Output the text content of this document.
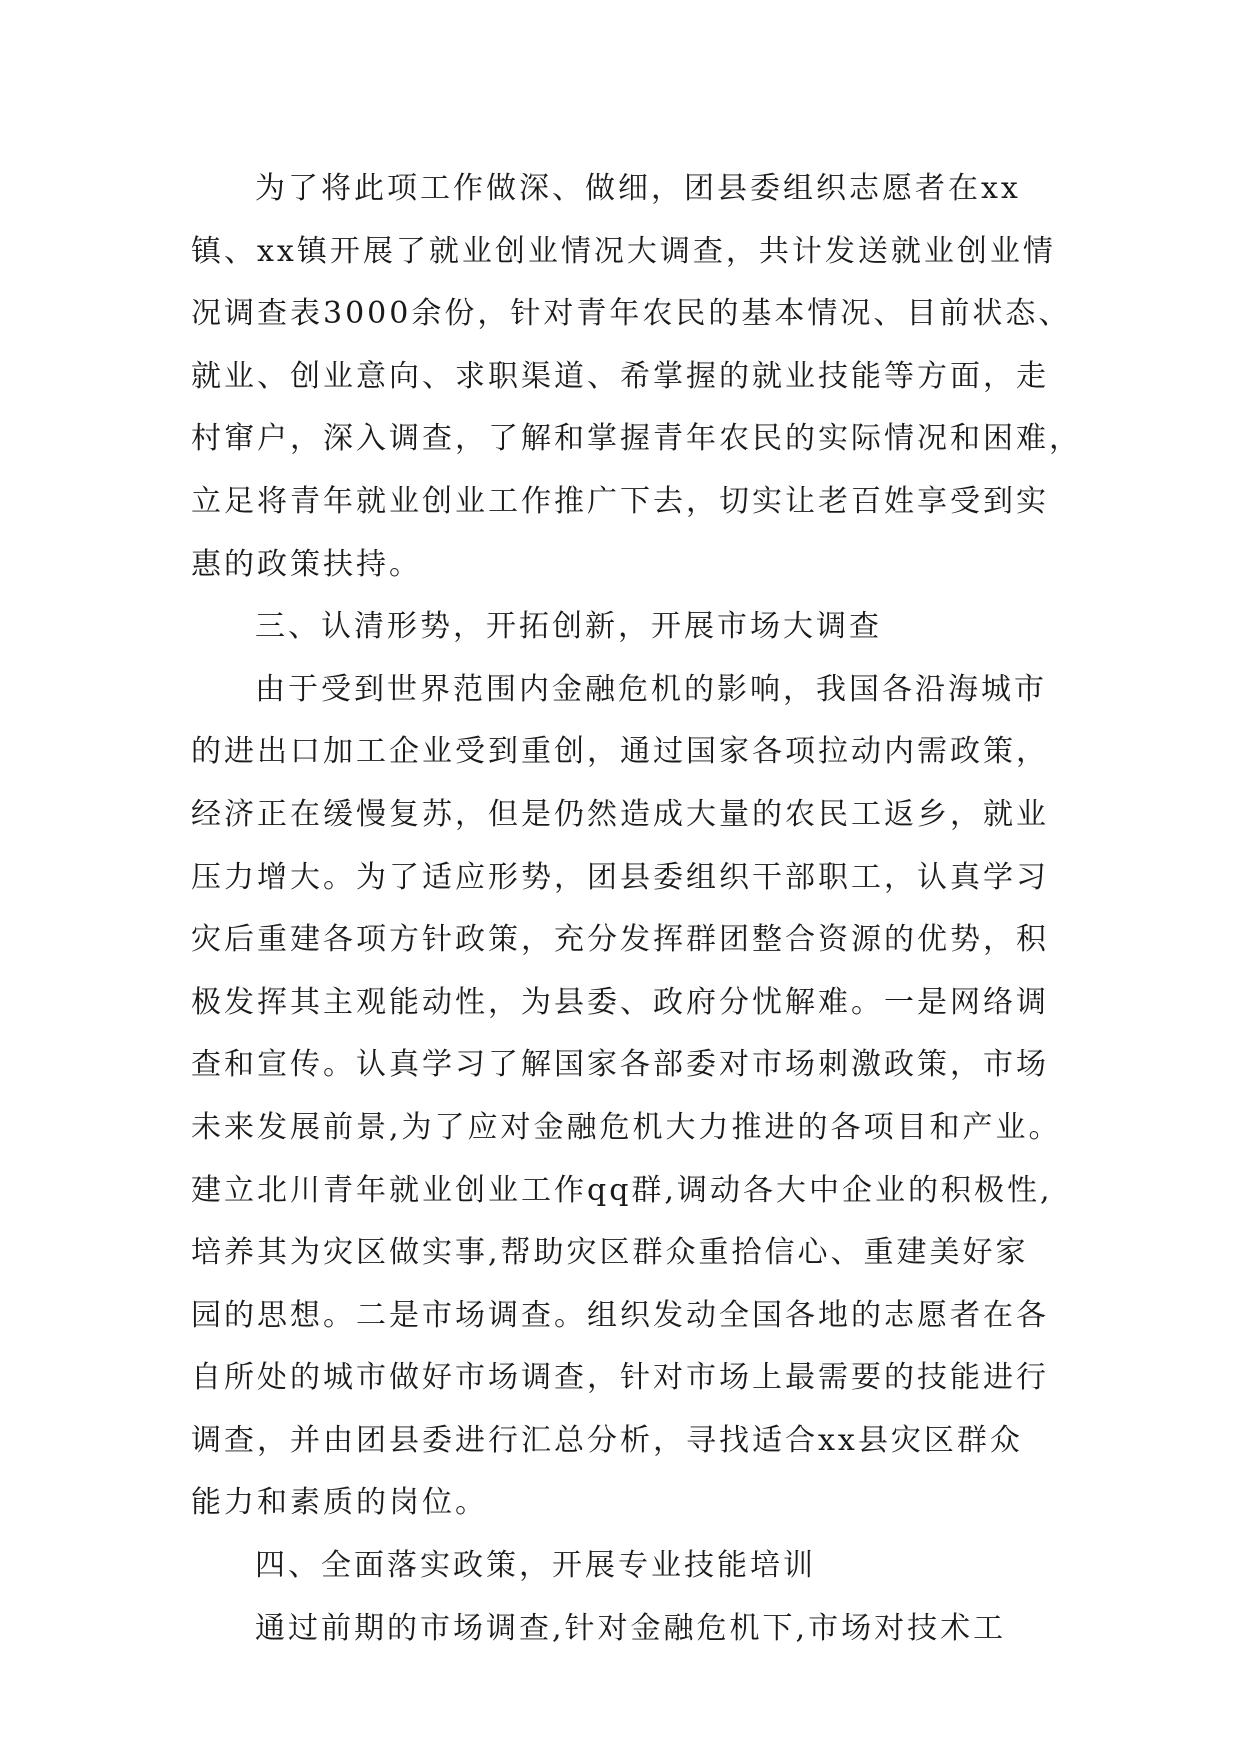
为了将此项工作做深、做细，团县委组织志愿者在xx
镇、xx镇开展了就业创业情况大调查，共计发送就业创业情
况调查表3000余份，针对青年农民的基本情况、目前状态、
就业、创业意向、求职渠道、希掌握的就业技能等方面，走
村窜户，深入调查，了解和掌握青年农民的实际情况和困难，
立足将青年就业创业工作推广下去，切实让老百姓享受到实
惠的政策扶持。
三、认清形势，开拓创新，开展市场大调查
由于受到世界范围内金融危机的影响，我国各沿海城市
的进出口加工企业受到重创，通过国家各项拉动内需政策，
经济正在缓慢复苏，但是仍然造成大量的农民工返乡，就业
压力增大。为了适应形势，团县委组织干部职工，认真学习
灾后重建各项方针政策，充分发挥群团整合资源的优势，积
极发挥其主观能动性，为县委、政府分忧解难。一是网络调
查和宣传。认真学习了解国家各部委对市场刺激政策，市场
未来发展前景,为了应对金融危机大力推进的各项目和产业。
建立北川青年就业创业工作qq群,调动各大中企业的积极性,
培养其为灾区做实事,帮助灾区群众重拾信心、重建美好家
园的思想。二是市场调查。组织发动全国各地的志愿者在各
自所处的城市做好市场调查，针对市场上最需要的技能进行
调查，并由团县委进行汇总分析，寻找适合xx县灾区群众
能力和素质的岗位。
四、全面落实政策，开展专业技能培训
通过前期的市场调查,针对金融危机下,市场对技术工
